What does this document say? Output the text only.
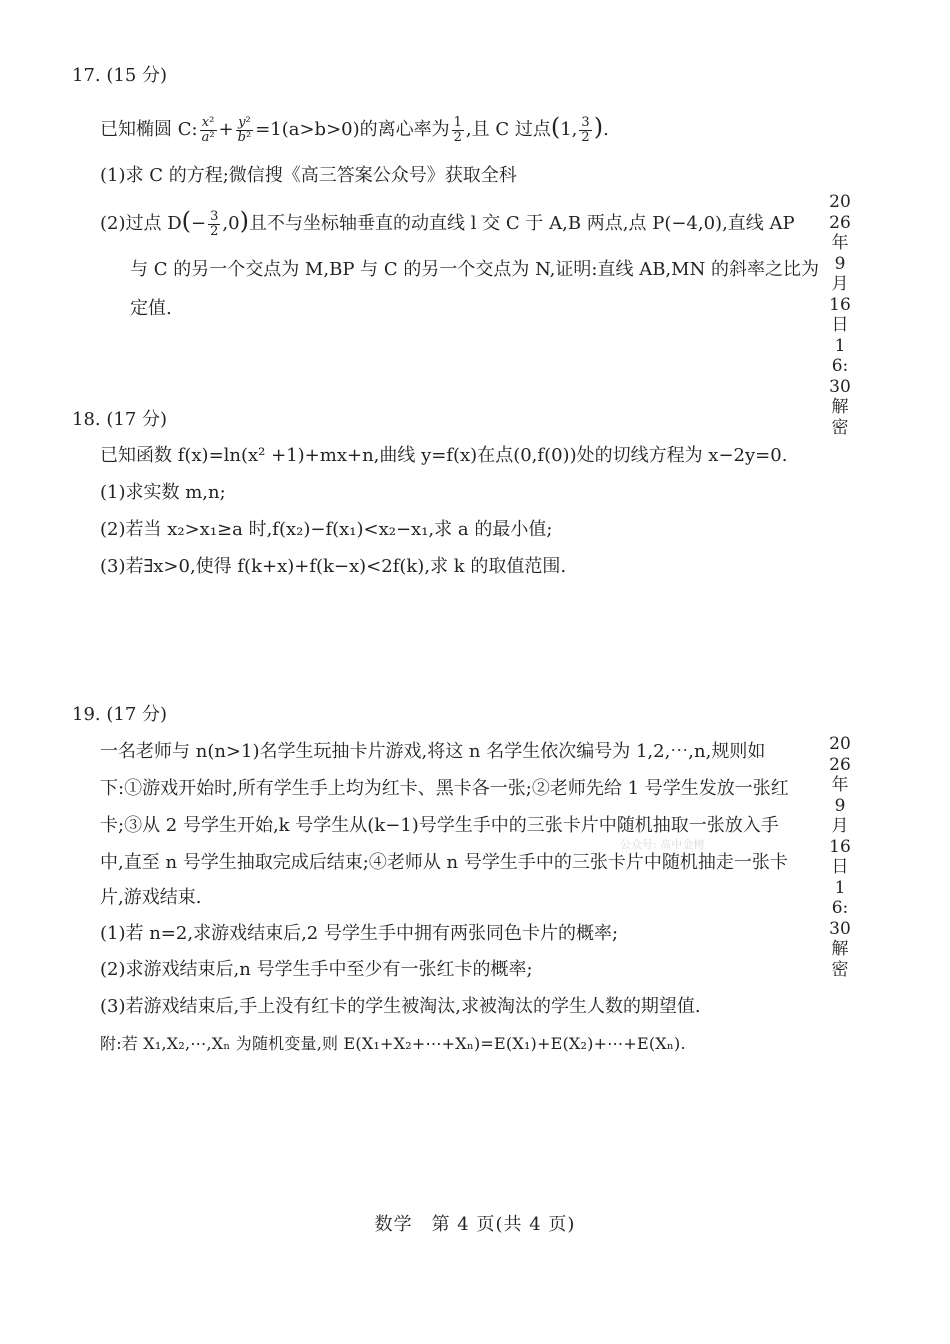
17. (15 分)
已知椭圆 C: $\frac{\text{x²}}{\text{a²}} + \frac{\text{y²}}{\text{b²}} =1(a>b>0)$的离心率为 $\frac{1}{2}$ ,且 C 过点(1, $\frac{3}{2}$ ).
(1)求 C 的方程;微信搜《高三答案公众号》获取全科
(2)过点 $D(- \frac{3}{2} ,0)$且不与坐标轴垂直的动直线 l 交 C 于 A,B 两点,点 P(−4,0),直线 AP
与 C 的另一个交点为 M,BP 与 C 的另一个交点为 N,证明:直线 AB,MN 的斜率之比为
定值.
18. (17 分)
已知函数 f(x)=ln(x² +1)+mx+n,曲线 y=f(x)在点(0,f(0))处的切线方程为 x−2y=0.
(1)求实数 m,n;
(2)若当 x₂>x₁≥a 时,f(x₂)−f(x₁)<x₂−x₁,求 a 的最小值;
(3)若∃x>0,使得 f(k+x)+f(k−x)<2f(k),求 k 的取值范围.
19. (17 分)
一名老师与 n(n>1)名学生玩抽卡片游戏,将这 n 名学生依次编号为 1,2,⋯,n,规则如
下:①游戏开始时,所有学生手上均为红卡、黑卡各一张;②老师先给 1 号学生发放一张红
卡;③从 2 号学生开始,k 号学生从(k−1)号学生手中的三张卡片中随机抽取一张放入手
中,直至 n 号学生抽取完成后结束;④老师从 n 号学生手中的三张卡片中随机抽走一张卡
片,游戏结束.
(1)若 n=2,求游戏结束后,2 号学生手中拥有两张同色卡片的概率;
(2)求游戏结束后,n 号学生手中至少有一张红卡的概率;
(3)若游戏结束后,手上没有红卡的学生被淘汰,求被淘汰的学生人数的期望值.
附:若 X₁,X₂,⋯,Xₙ 为随机变量,则 E(X₁+X₂+⋯+Xₙ)=E(X₁)+E(X₂)+⋯+E(Xₙ).
公众号: 高中金榜
2026年9月16日16:30解密
2026年9月16日16:30解密
数学　第 4 页(共 4 页)
